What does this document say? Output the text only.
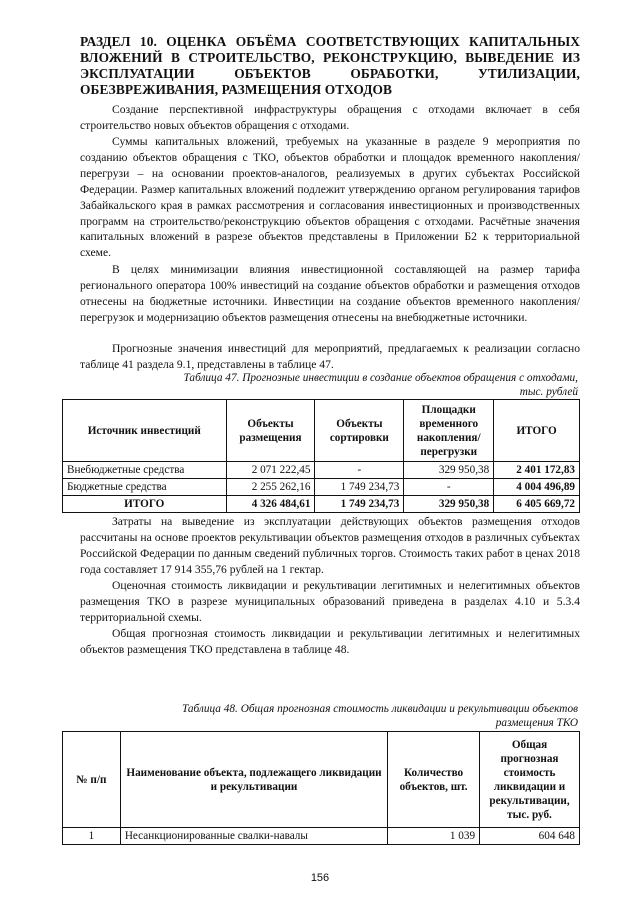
РАЗДЕЛ 10. ОЦЕНКА ОБЪЁМА СООТВЕТСТВУЮЩИХ КАПИТАЛЬНЫХ ВЛОЖЕНИЙ В СТРОИТЕЛЬСТВО, РЕКОНСТРУКЦИЮ, ВЫВЕДЕНИЕ ИЗ ЭКСПЛУАТАЦИИ ОБЪЕКТОВ ОБРАБОТКИ, УТИЛИЗАЦИИ, ОБЕЗВРЕЖИВАНИЯ, РАЗМЕЩЕНИЯ ОТХОДОВ

Создание перспективной инфраструктуры обращения с отходами включает в себя строительство новых объектов обращения с отходами.

Суммы капитальных вложений, требуемых на указанные в разделе 9 мероприятия по созданию объектов обращения с ТКО, объектов обработки и площадок временного накопления/перегрузи – на основании проектов-аналогов, реализуемых в других субъектах Российской Федерации. Размер капитальных вложений подлежит утверждению органом регулирования тарифов Забайкальского края в рамках рассмотрения и согласования инвестиционных и производственных программ на строительство/реконструкцию объектов обращения с отходами. Расчётные значения капитальных вложений в разрезе объектов представлены в Приложении Б2 к территориальной схеме.

В целях минимизации влияния инвестиционной составляющей на размер тарифа регионального оператора 100% инвестиций на создание объектов обработки и размещения отходов отнесены на бюджетные источники. Инвестиции на создание объектов временного накопления/перегрузок и модернизацию объектов размещения отнесены на внебюджетные источники.

Прогнозные значения инвестиций для мероприятий, предлагаемых к реализации согласно таблице 41 раздела 9.1, представлены в таблице 47.

Таблица 47. Прогнозные инвестиции в создание объектов обращения с отходами,
тыс. рублей

Источник инвестиций	Объекты размещения	Объекты сортировки	Площадки временного накопления/ перегрузки	ИТОГО
Внебюджетные средства	2 071 222,45	-	329 950,38	2 401 172,83
Бюджетные средства	2 255 262,16	1 749 234,73	-	4 004 496,89
ИТОГО	4 326 484,61	1 749 234,73	329 950,38	6 405 669,72

Затраты на выведение из эксплуатации действующих объектов размещения отходов рассчитаны на основе проектов рекультивации объектов размещения отходов в различных субъектах Российской Федерации по данным сведений публичных торгов. Стоимость таких работ в ценах 2018 года составляет 17 914 355,76 рублей на 1 гектар.

Оценочная стоимость ликвидации и рекультивации легитимных и нелегитимных объектов размещения ТКО в разрезе муниципальных образований приведена в разделах 4.10 и 5.3.4 территориальной схемы.

Общая прогнозная стоимость ликвидации и рекультивации легитимных и нелегитимных объектов размещения ТКО представлена в таблице 48.

Таблица 48. Общая прогнозная стоимость ликвидации и рекультивации объектов
размещения ТКО

№ п/п	Наименование объекта, подлежащего ликвидации и рекультивации	Количество объектов, шт.	Общая прогнозная стоимость ликвидации и рекультивации, тыс. руб.
1	Несанкционированные свалки-навалы	1 039	604 648
156
